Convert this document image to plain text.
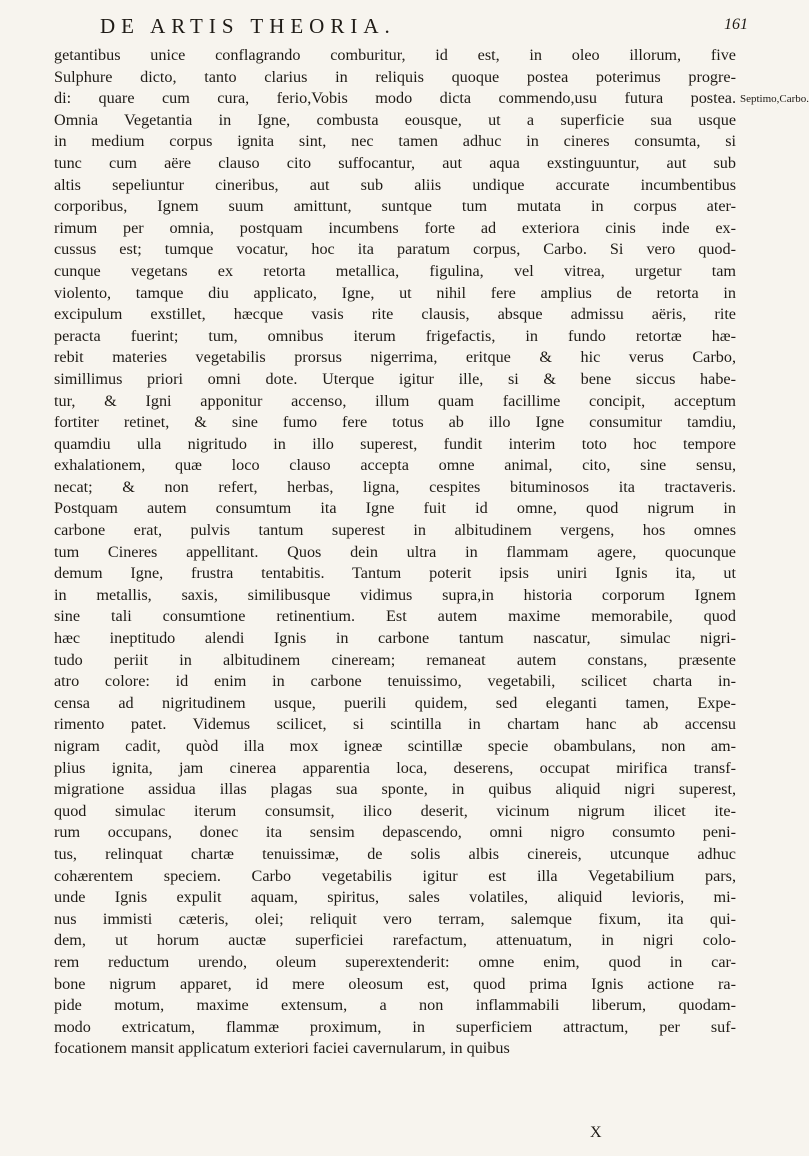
DE ARTIS THEORIA.	161
getantibus unice conflagrando comburitur, id est, in oleo illorum, five
Sulphure dicto, tanto clarius in reliquis quoque postea poterimus progre-
di: quare cum cura, ferio,Vobis modo dicta commendo,usu futura postea.
Omnia Vegetantia in Igne, combusta eousque, ut a superficie sua usque
in medium corpus ignita sint, nec tamen adhuc in cineres consumta, si
tunc cum aëre clauso cito suffocantur, aut aqua exstinguuntur, aut sub
altis sepeliuntur cineribus, aut sub aliis undique accurate incumbentibus
corporibus, Ignem suum amittunt, suntque tum mutata in corpus ater-
rimum per omnia, postquam incumbens forte ad exteriora cinis inde ex-
cussus est; tumque vocatur, hoc ita paratum corpus, Carbo. Si vero quod-
cunque vegetans ex retorta metallica, figulina, vel vitrea, urgetur tam
violento, tamque diu applicato, Igne, ut nihil fere amplius de retorta in
excipulum exstillet, hæcque vasis rite clausis, absque admissu aëris, rite
peracta fuerint; tum, omnibus iterum frigefactis, in fundo retortæ hæ-
rebit materies vegetabilis prorsus nigerrima, eritque & hic verus Carbo,
simillimus priori omni dote. Uterque igitur ille, si & bene siccus habe-
tur, & Igni apponitur accenso, illum quam facillime concipit, acceptum
fortiter retinet, & sine fumo fere totus ab illo Igne consumitur tamdiu,
quamdiu ulla nigritudo in illo superest, fundit interim toto hoc tempore
exhalationem, quæ loco clauso accepta omne animal, cito, sine sensu,
necat; & non refert, herbas, ligna, cespites bituminosos ita tractaveris.
Postquam autem consumtum ita Igne fuit id omne, quod nigrum in
carbone erat, pulvis tantum superest in albitudinem vergens, hos omnes
tum Cineres appellitant. Quos dein ultra in flammam agere, quocunque
demum Igne, frustra tentabitis. Tantum poterit ipsis uniri Ignis ita, ut
in metallis, saxis, similibusque vidimus supra,in historia corporum Ignem
sine tali consumtione retinentium. Est autem maxime memorabile, quod
hæc ineptitudo alendi Ignis in carbone tantum nascatur, simulac nigri-
tudo periit in albitudinem cineream; remaneat autem constans, præsente
atro colore: id enim in carbone tenuissimo, vegetabili, scilicet charta in-
censa ad nigritudinem usque, puerili quidem, sed eleganti tamen, Expe-
rimento patet. Videmus scilicet, si scintilla in chartam hanc ab accensu
nigram cadit, quòd illa mox igneæ scintillæ specie obambulans, non am-
plius ignita, jam cinerea apparentia loca, deserens, occupat mirifica transf-
migratione assidua illas plagas sua sponte, in quibus aliquid nigri superest,
quod simulac iterum consumsit, ilico deserit, vicinum nigrum ilicet ite-
rum occupans, donec ita sensim depascendo, omni nigro consumto peni-
tus, relinquat chartæ tenuissimæ, de solis albis cinereis, utcunque adhuc
cohærentem speciem. Carbo vegetabilis igitur est illa Vegetabilium pars,
unde Ignis expulit aquam, spiritus, sales volatiles, aliquid levioris, mi-
nus immisti cæteris, olei; reliquit vero terram, salemque fixum, ita qui-
dem, ut horum auctæ superficiei rarefactum, attenuatum, in nigri colo-
rem reductum urendo, oleum superextenderit: omne enim, quod in car-
bone nigrum apparet, id mere oleosum est, quod prima Ignis actione ra-
pide motum, maxime extensum, a non inflammabili liberum, quodam-
modo extricatum, flammæ proximum, in superficiem attractum, per suf-
focationem mansit applicatum exteriori faciei cavernularum, in quibus
Septimo,Carbo.
X
